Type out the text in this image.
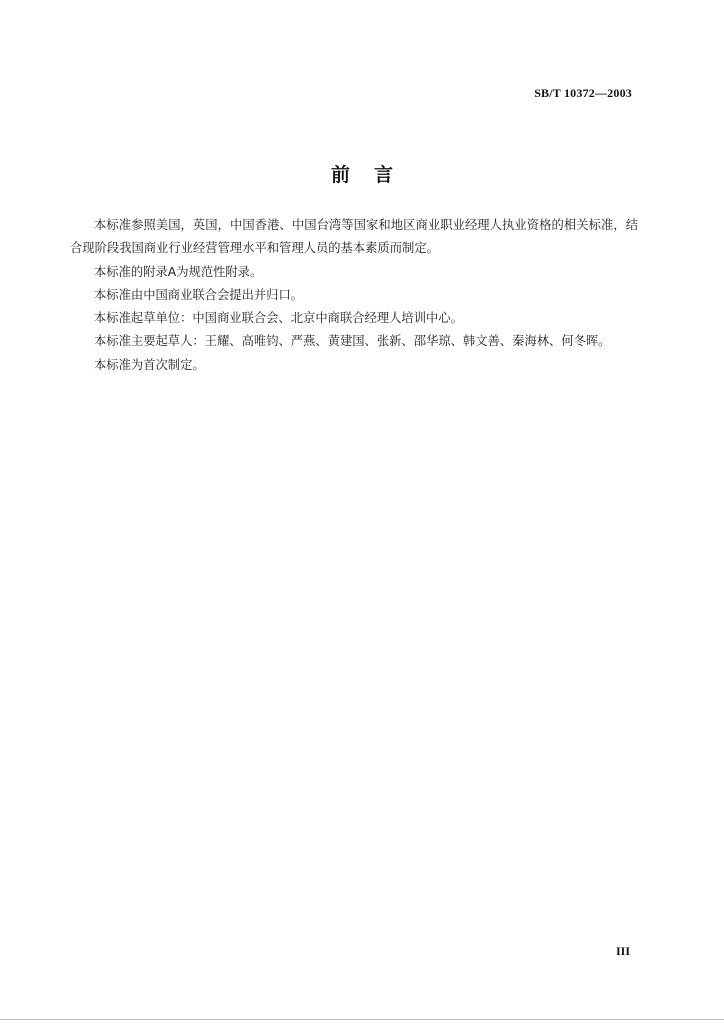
SB/T 10372—2003
前言

本标准参照美国，英国，中国香港、中国台湾等国家和地区商业职业经理人执业资格的相关标准，结合现阶段我国商业行业经营管理水平和管理人员的基本素质而制定。

本标准的附录A为规范性附录。

本标准由中国商业联合会提出并归口。

本标准起草单位：中国商业联合会、北京中商联合经理人培训中心。

本标准主要起草人：王耀、高唯钧、严燕、黄建国、张新、邵华琼、韩文善、秦海林、何冬晖。

本标准为首次制定。

III
